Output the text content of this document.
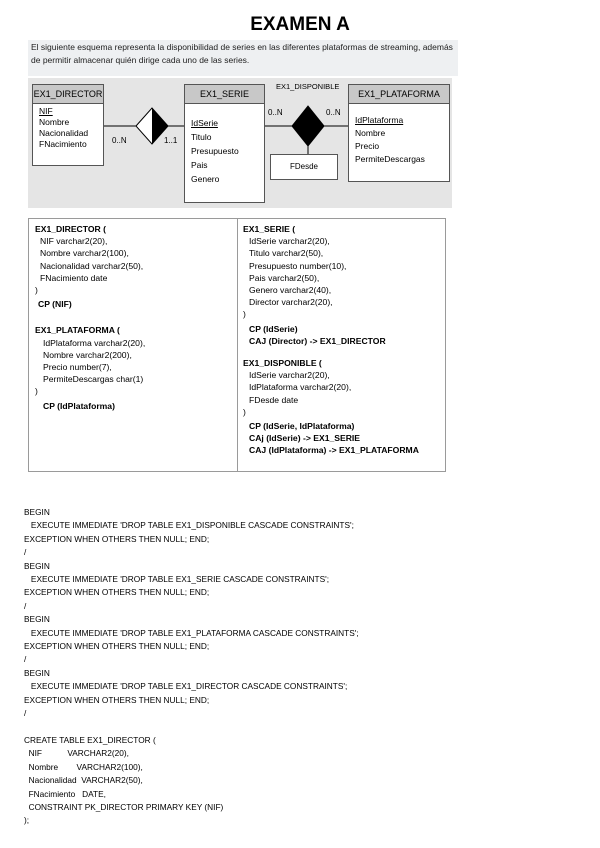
EXAMEN A
El siguiente esquema representa la disponibilidad de series en las diferentes plataformas de streaming, además de permitir almacenar quién dirige cada uno de las series.
EX1_DIRECTOR
NIF
Nombre
Nacionalidad
FNacimiento
EX1_SERIE
IdSerie
Titulo
Presupuesto
Pais
Genero
EX1_PLATAFORMA
IdPlataforma
Nombre
Precio
PermiteDescargas
EX1_DISPONIBLE
FDesde
0..N	1..1
0..N	0..N
EX1_DIRECTOR (
NIF varchar2(20),
Nombre varchar2(100),
Nacionalidad varchar2(50),
FNacimiento date
)
CP (NIF)
EX1_PLATAFORMA (
IdPlataforma varchar2(20),
Nombre varchar2(200),
Precio number(7),
PermiteDescargas char(1)
)
CP (IdPlataforma)
EX1_SERIE (
IdSerie varchar2(20),
Titulo varchar2(50),
Presupuesto number(10),
Pais varchar2(50),
Genero varchar2(40),
Director varchar2(20),
)
CP (IdSerie)
CAJ (Director) -> EX1_DIRECTOR
EX1_DISPONIBLE (
IdSerie varchar2(20),
IdPlataforma varchar2(20),
FDesde date
)
CP (IdSerie, IdPlataforma)
CAj (IdSerie) -> EX1_SERIE
CAJ (IdPlataforma) -> EX1_PLATAFORMA
BEGIN
EXECUTE IMMEDIATE 'DROP TABLE EX1_DISPONIBLE CASCADE CONSTRAINTS';
EXCEPTION WHEN OTHERS THEN NULL; END;
/
BEGIN
EXECUTE IMMEDIATE 'DROP TABLE EX1_SERIE CASCADE CONSTRAINTS';
EXCEPTION WHEN OTHERS THEN NULL; END;
/
BEGIN
EXECUTE IMMEDIATE 'DROP TABLE EX1_PLATAFORMA CASCADE CONSTRAINTS';
EXCEPTION WHEN OTHERS THEN NULL; END;
/
BEGIN
EXECUTE IMMEDIATE 'DROP TABLE EX1_DIRECTOR CASCADE CONSTRAINTS';
EXCEPTION WHEN OTHERS THEN NULL; END;
/

CREATE TABLE EX1_DIRECTOR (
NIF           VARCHAR2(20),
Nombre        VARCHAR2(100),
Nacionalidad  VARCHAR2(50),
FNacimiento   DATE,
CONSTRAINT PK_DIRECTOR PRIMARY KEY (NIF)
);
